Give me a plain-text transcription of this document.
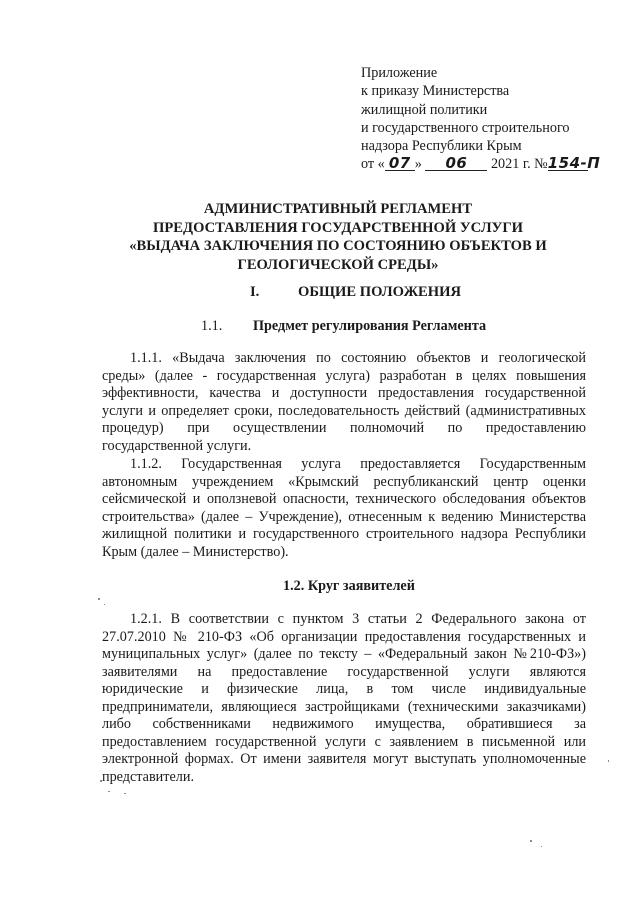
Приложение
к приказу Министерства
жилищной политики
и государственного строительного
надзора Республики Крым
от « 07 » 06 2021 г. №154-П
АДМИНИСТРАТИВНЫЙ РЕГЛАМЕНТ
ПРЕДОСТАВЛЕНИЯ ГОСУДАРСТВЕННОЙ УСЛУГИ
«ВЫДАЧА ЗАКЛЮЧЕНИЯ ПО СОСТОЯНИЮ ОБЪЕКТОВ И
ГЕОЛОГИЧЕСКОЙ СРЕДЫ»
I.	ОБЩИЕ ПОЛОЖЕНИЯ
1.1. Предмет регулирования Регламента

1.1.1. «Выдача заключения по состоянию объектов и геологической среды» (далее - государственная услуга) разработан в целях повышения эффективности, качества и доступности предоставления государственной услуги и определяет сроки, последовательность действий (административных процедур) при осуществлении полномочий по предоставлению государственной услуги.

1.1.2. Государственная услуга предоставляется Государственным автономным учреждением «Крымский республиканский центр оценки сейсмической и оползневой опасности, технического обследования объектов строительства» (далее – Учреждение), отнесенным к ведению Министерства жилищной политики и государственного строительного надзора Республики Крым (далее – Министерство).

1.2. Круг заявителей

1.2.1. В соответствии с пунктом 3 статьи 2 Федерального закона от 27.07.2010 № 210-ФЗ «Об организации предоставления государственных и муниципальных услуг» (далее по тексту – «Федеральный закон №210-ФЗ») заявителями на предоставление государственной услуги являются юридические и физические лица, в том числе индивидуальные предприниматели, являющиеся застройщиками (техническими заказчиками) либо собственниками недвижимого имущества, обратившиеся за предоставлением государственной услуги с заявлением в письменной или электронной формах. От имени заявителя могут выступать уполномоченные представители.
